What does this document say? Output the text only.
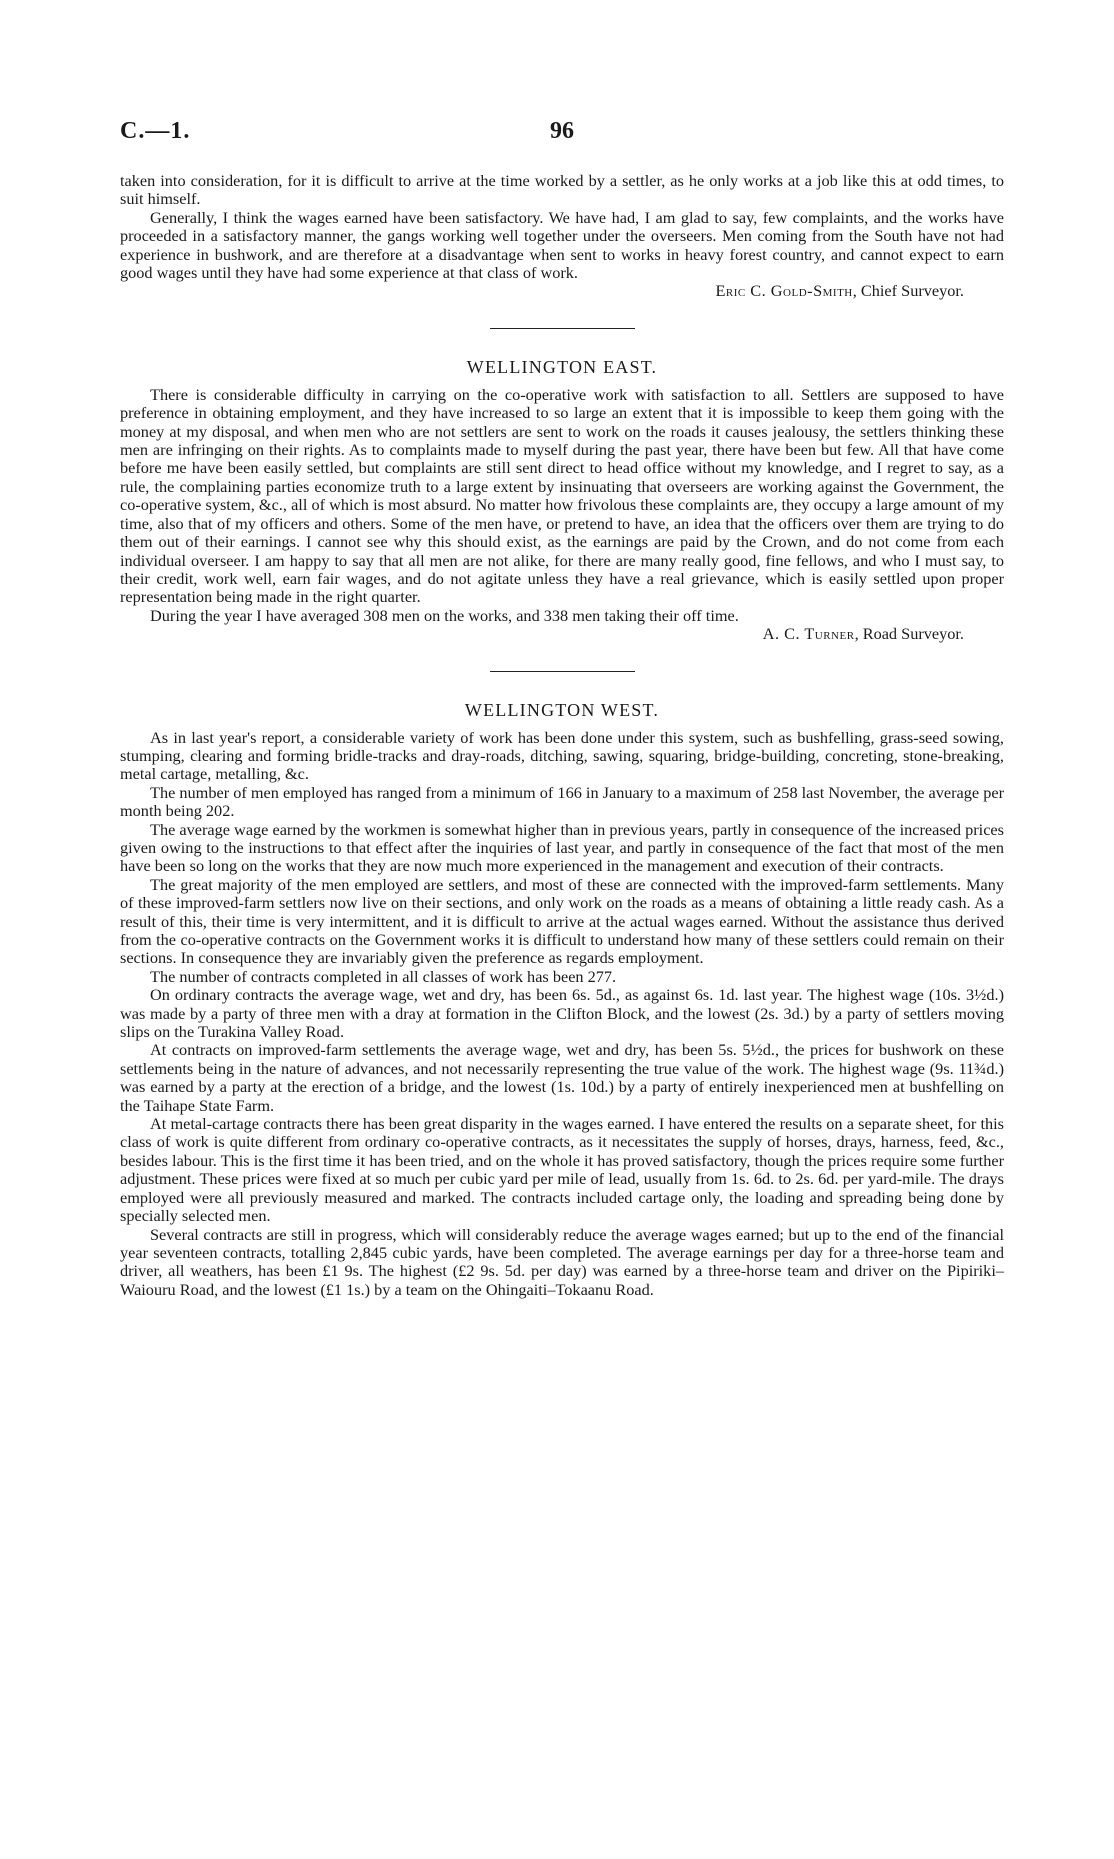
C.—1.	96

taken into consideration, for it is difficult to arrive at the time worked by a settler, as he only works at a job like this at odd times, to suit himself.

Generally, I think the wages earned have been satisfactory. We have had, I am glad to say, few complaints, and the works have proceeded in a satisfactory manner, the gangs working well together under the overseers. Men coming from the South have not had experience in bushwork, and are therefore at a disadvantage when sent to works in heavy forest country, and cannot expect to earn good wages until they have had some experience at that class of work.

Eric C. Gold-Smith, Chief Surveyor.
WELLINGTON EAST.

There is considerable difficulty in carrying on the co-operative work with satisfaction to all. Settlers are supposed to have preference in obtaining employment, and they have increased to so large an extent that it is impossible to keep them going with the money at my disposal, and when men who are not settlers are sent to work on the roads it causes jealousy, the settlers thinking these men are infringing on their rights. As to complaints made to myself during the past year, there have been but few. All that have come before me have been easily settled, but complaints are still sent direct to head office without my knowledge, and I regret to say, as a rule, the complaining parties economize truth to a large extent by insinuating that overseers are working against the Government, the co-operative system, &c., all of which is most absurd. No matter how frivolous these complaints are, they occupy a large amount of my time, also that of my officers and others. Some of the men have, or pretend to have, an idea that the officers over them are trying to do them out of their earnings. I cannot see why this should exist, as the earnings are paid by the Crown, and do not come from each individual overseer. I am happy to say that all men are not alike, for there are many really good, fine fellows, and who I must say, to their credit, work well, earn fair wages, and do not agitate unless they have a real grievance, which is easily settled upon proper representation being made in the right quarter.

During the year I have averaged 308 men on the works, and 338 men taking their off time.

A. C. Turner, Road Surveyor.
WELLINGTON WEST.

As in last year's report, a considerable variety of work has been done under this system, such as bushfelling, grass-seed sowing, stumping, clearing and forming bridle-tracks and dray-roads, ditching, sawing, squaring, bridge-building, concreting, stone-breaking, metal cartage, metalling, &c.

The number of men employed has ranged from a minimum of 166 in January to a maximum of 258 last November, the average per month being 202.

The average wage earned by the workmen is somewhat higher than in previous years, partly in consequence of the increased prices given owing to the instructions to that effect after the inquiries of last year, and partly in consequence of the fact that most of the men have been so long on the works that they are now much more experienced in the management and execution of their contracts.

The great majority of the men employed are settlers, and most of these are connected with the improved-farm settlements. Many of these improved-farm settlers now live on their sections, and only work on the roads as a means of obtaining a little ready cash. As a result of this, their time is very intermittent, and it is difficult to arrive at the actual wages earned. Without the assistance thus derived from the co-operative contracts on the Government works it is difficult to understand how many of these settlers could remain on their sections. In consequence they are invariably given the preference as regards employment.

The number of contracts completed in all classes of work has been 277.

On ordinary contracts the average wage, wet and dry, has been 6s. 5d., as against 6s. 1d. last year. The highest wage (10s. 3½d.) was made by a party of three men with a dray at formation in the Clifton Block, and the lowest (2s. 3d.) by a party of settlers moving slips on the Turakina Valley Road.

At contracts on improved-farm settlements the average wage, wet and dry, has been 5s. 5½d., the prices for bushwork on these settlements being in the nature of advances, and not necessarily representing the true value of the work. The highest wage (9s. 11¾d.) was earned by a party at the erection of a bridge, and the lowest (1s. 10d.) by a party of entirely inexperienced men at bushfelling on the Taihape State Farm.

At metal-cartage contracts there has been great disparity in the wages earned. I have entered the results on a separate sheet, for this class of work is quite different from ordinary co-operative contracts, as it necessitates the supply of horses, drays, harness, feed, &c., besides labour. This is the first time it has been tried, and on the whole it has proved satisfactory, though the prices require some further adjustment. These prices were fixed at so much per cubic yard per mile of lead, usually from 1s. 6d. to 2s. 6d. per yard-mile. The drays employed were all previously measured and marked. The contracts included cartage only, the loading and spreading being done by specially selected men.

Several contracts are still in progress, which will considerably reduce the average wages earned; but up to the end of the financial year seventeen contracts, totalling 2,845 cubic yards, have been completed. The average earnings per day for a three-horse team and driver, all weathers, has been £1 9s. The highest (£2 9s. 5d. per day) was earned by a three-horse team and driver on the Pipiriki–Waiouru Road, and the lowest (£1 1s.) by a team on the Ohingaiti–Tokaanu Road.
